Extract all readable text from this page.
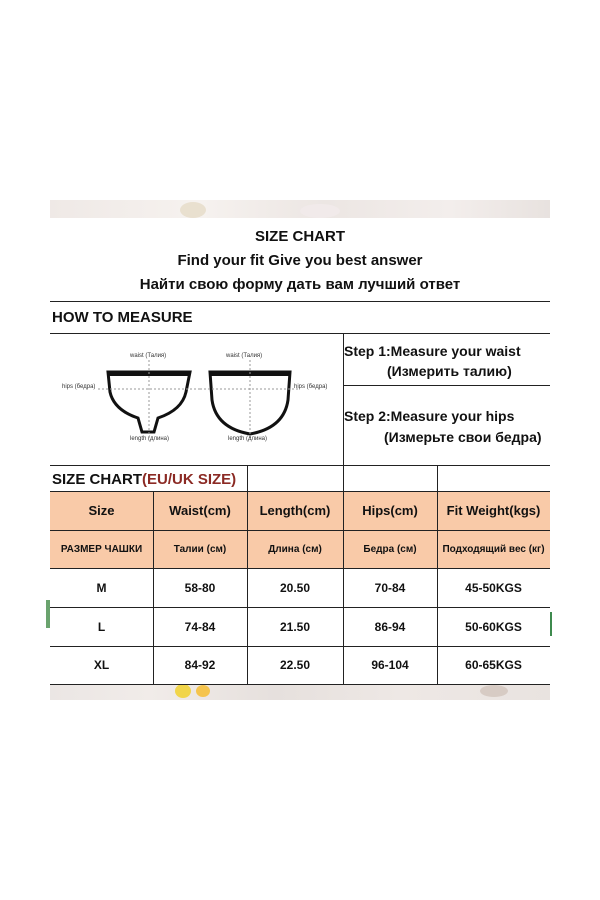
SIZE CHART
Find your fit Give you best answer
Найти свою форму дать вам лучший ответ
HOW TO MEASURE
waist (Талия)	waist (Талия)
hips (бедра)	hips (бедра)
length (длина)	length (длина)
Step 1:Measure your waist
(Измерить талию)
Step 2:Measure your hips
(Измерьте свои бедра)
SIZE CHART(EU/UK SIZE)
Size	Waist(cm)	Length(cm)	Hips(cm)	Fit Weight(kgs)
РАЗМЕР ЧАШКИ	Талии (см)	Длина (см)	Бедра (см)	Подходящий вес (кг)
M	58-80	20.50	70-84	45-50KGS
L	74-84	21.50	86-94	50-60KGS
XL	84-92	22.50	96-104	60-65KGS
